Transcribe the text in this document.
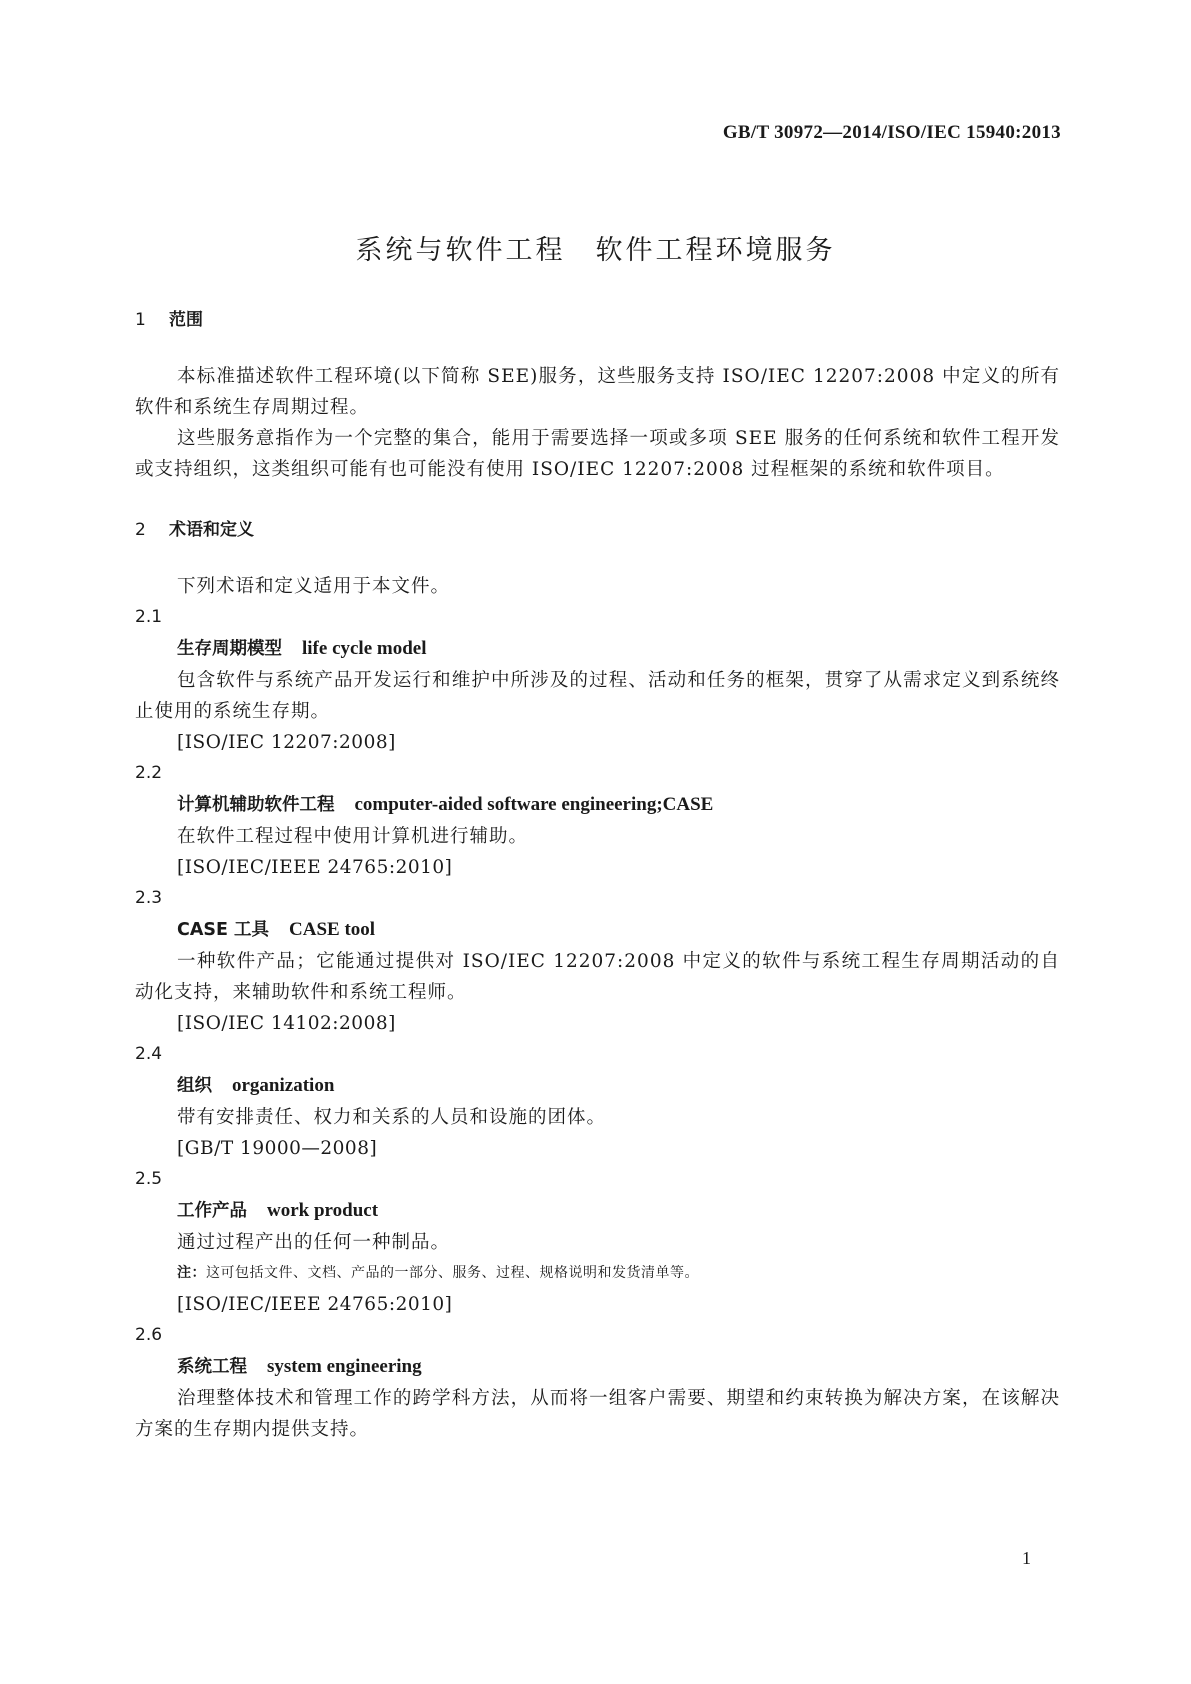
GB/T 30972—2014/ISO/IEC 15940:2013
系统与软件工程　软件工程环境服务
1 范围
本标准描述软件工程环境(以下简称 SEE)服务，这些服务支持 ISO/IEC 12207:2008 中定义的所有软件和系统生存周期过程。
这些服务意指作为一个完整的集合，能用于需要选择一项或多项 SEE 服务的任何系统和软件工程开发或支持组织，这类组织可能有也可能没有使用 ISO/IEC 12207:2008 过程框架的系统和软件项目。
2 术语和定义
下列术语和定义适用于本文件。
2.1
生存周期模型 life cycle model
包含软件与系统产品开发运行和维护中所涉及的过程、活动和任务的框架，贯穿了从需求定义到系统终止使用的系统生存期。
[ISO/IEC 12207:2008]
2.2
计算机辅助软件工程 computer-aided software engineering;CASE
在软件工程过程中使用计算机进行辅助。
[ISO/IEC/IEEE 24765:2010]
2.3
CASE 工具 CASE tool
一种软件产品；它能通过提供对 ISO/IEC 12207:2008 中定义的软件与系统工程生存周期活动的自动化支持，来辅助软件和系统工程师。
[ISO/IEC 14102:2008]
2.4
组织 organization
带有安排责任、权力和关系的人员和设施的团体。
[GB/T 19000—2008]
2.5
工作产品 work product
通过过程产出的任何一种制品。
注：这可包括文件、文档、产品的一部分、服务、过程、规格说明和发货清单等。
[ISO/IEC/IEEE 24765:2010]
2.6
系统工程 system engineering
治理整体技术和管理工作的跨学科方法，从而将一组客户需要、期望和约束转换为解决方案，在该解决方案的生存期内提供支持。
1
